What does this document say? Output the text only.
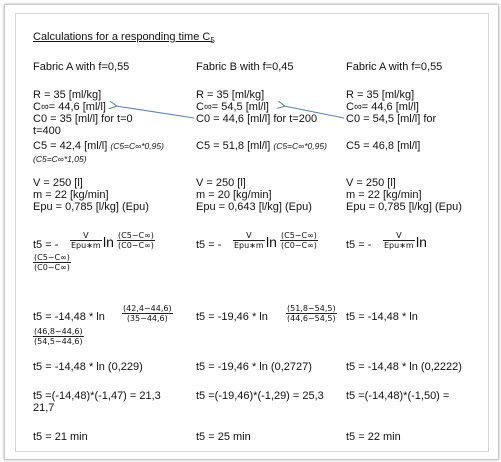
Calculations for a responding time $C_5$
Fabric A with f=0,55	Fabric B with f=0,45	Fabric A with f=0,55
R = 35 [ml/kg]
C∞= 44,6 [ml/l]
C0 = 35 [ml/l] for t=0
t=400
C5 = 42,4 [ml/l] (C5=C∞*0,95)
(C5=C∞*1,05)
V = 250 [l]
m = 22 [kg/min]
Epu = 0,785 [l/kg] (Epu)
t5 = -
V
Epu∗m $\ln \frac{(C5-C\infty)}{(C0-C\infty)}$
$\frac{(C5-C\infty)}{(C0-C\infty)}$
$t5 = -14,48 * \ln \frac{(42,4-44,6)}{(35-44,6)}$
$\frac{(46,8-44,6)}{(54,5-44,6)}$
t5 = -14,48 * ln (0,229)
t5 =(-14,48)*(-1,47) = 21,3
21,7
t5 = 21 min
R = 35 [ml/kg]
C∞= 54,5 [ml/l]
C0 = 44,6 [ml/l] for t=200
C5 = 51,8 [ml/l] (C5=C∞*0,95)
V = 250 [l]
m = 20 [kg/min]
Epu = 0,643 [l/kg] (Epu)
t5 = -
V
Epu∗m $\ln \frac{(C5-C\infty)}{(C0-C\infty)}$
$t5 = -19,46 * \ln \frac{(51,8-54,5)}{(44,6-54,5)}$
t5 = -19,46 * ln (0,2727)
t5 =(-19,46)*(-1,29) = 25,3
t5 = 25 min
R = 35 [ml/kg]
C∞= 44,6 [ml/l]
C0 = 54,5 [ml/l] for
C5 = 46,8 [ml/l]
V = 250 [l]
m = 22 [kg/min]
Epu = 0,785 [l/kg] (Epu)
t5 = -
V
Epu∗m ln
t5 = -14,48 * ln
t5 = -14,48 * ln (0,2222)
t5 =(-14,48)*(-1,50) =
t5 = 22 min
